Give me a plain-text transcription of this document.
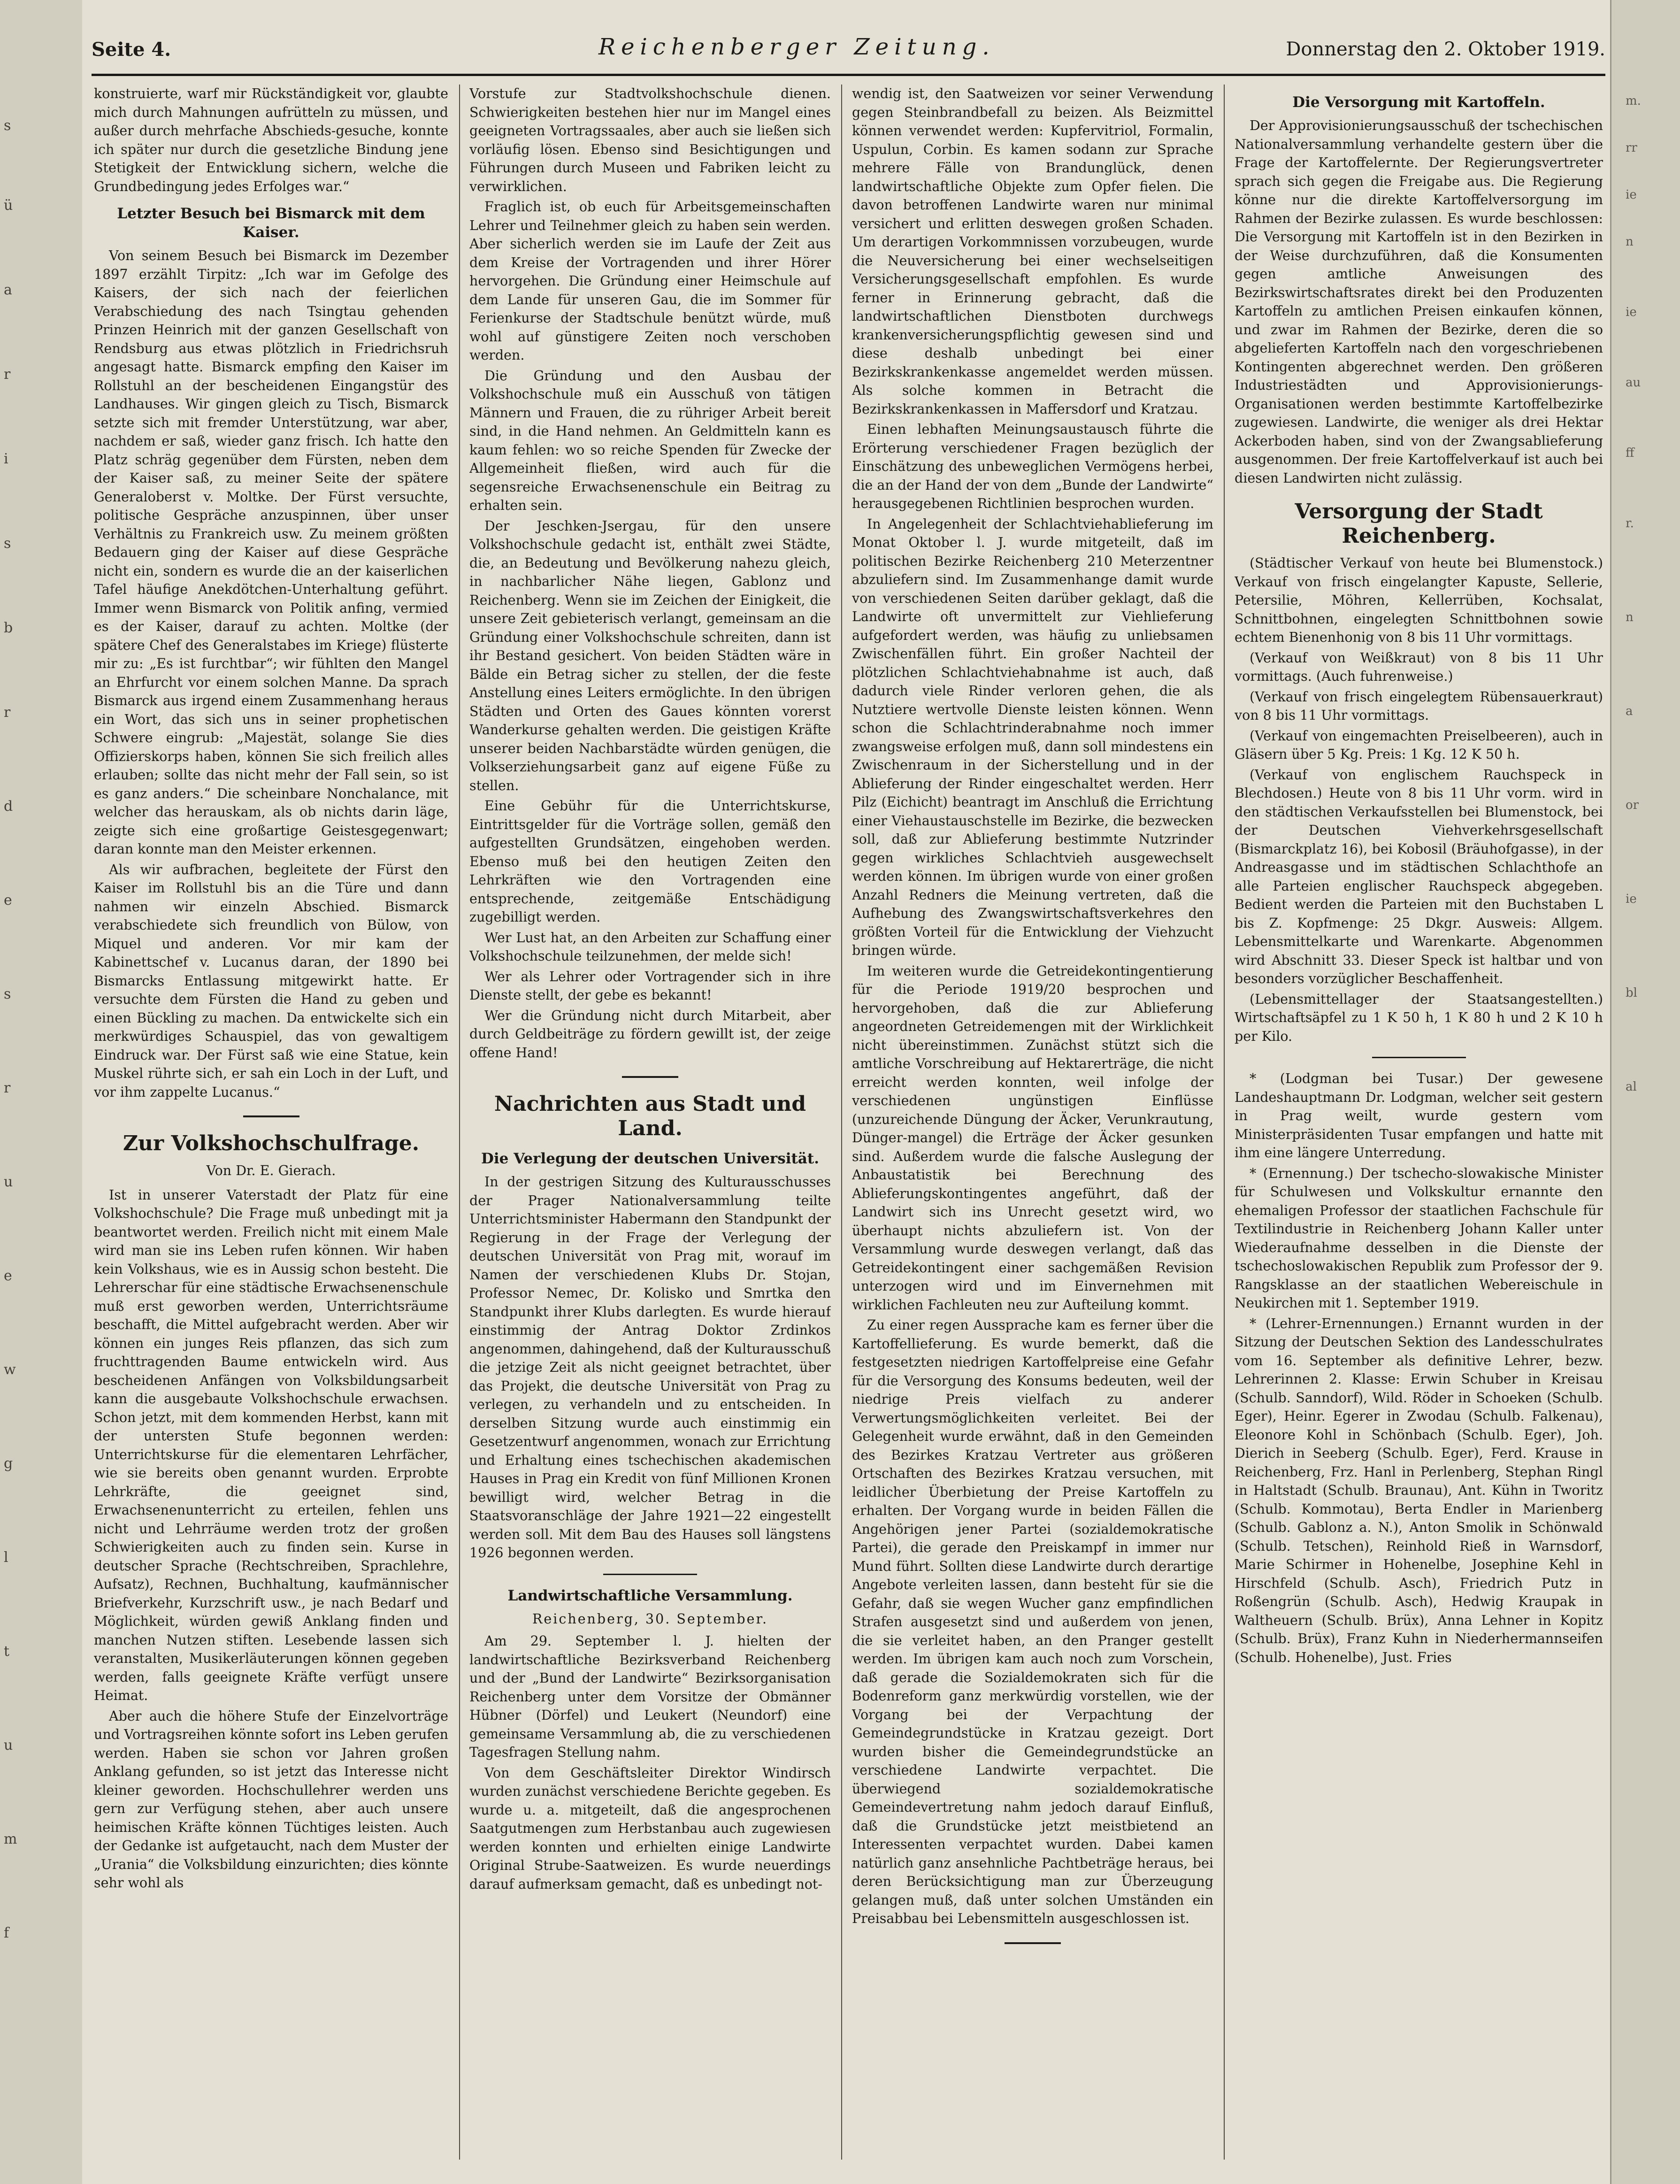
s
ü
a
r
i
s
b
r
d
e
s
r
u
e
w
g
l
t
u
m
f
m.
rr
ie
n
ie
au
ff
r.
n
a
or
ie
bl
al
Seite 4.	Reichenberger Zeitung.	Donnerstag den 2. Oktober 1919.

konstruierte, warf mir Rückständigkeit vor, glaubte mich durch Mahnungen aufrütteln zu müssen, und außer durch mehrfache Abschieds-gesuche, konnte ich später nur durch die gesetzliche Bindung jene Stetigkeit der Entwicklung sichern, welche die Grundbedingung jedes Erfolges war.“

Letzter Besuch bei Bismarck mit dem Kaiser.

Von seinem Besuch bei Bismarck im Dezember 1897 erzählt Tirpitz: „Ich war im Gefolge des Kaisers, der sich nach der feierlichen Verabschiedung des nach Tsingtau gehenden Prinzen Heinrich mit der ganzen Gesellschaft von Rendsburg aus etwas plötzlich in Friedrichsruh angesagt hatte. Bismarck empfing den Kaiser im Rollstuhl an der bescheidenen Eingangstür des Landhauses. Wir gingen gleich zu Tisch, Bismarck setzte sich mit fremder Unterstützung, war aber, nachdem er saß, wieder ganz frisch. Ich hatte den Platz schräg gegenüber dem Fürsten, neben dem der Kaiser saß, zu meiner Seite der spätere Generaloberst v. Moltke. Der Fürst versuchte, politische Gespräche anzuspinnen, über unser Verhältnis zu Frankreich usw. Zu meinem größten Bedauern ging der Kaiser auf diese Gespräche nicht ein, sondern es wurde die an der kaiserlichen Tafel häufige Anekdötchen-Unterhaltung geführt. Immer wenn Bismarck von Politik anfing, vermied es der Kaiser, darauf zu achten. Moltke (der spätere Chef des Generalstabes im Kriege) flüsterte mir zu: „Es ist furchtbar“; wir fühlten den Mangel an Ehrfurcht vor einem solchen Manne. Da sprach Bismarck aus irgend einem Zusammenhang heraus ein Wort, das sich uns in seiner prophetischen Schwere eingrub: „Majestät, solange Sie dies Offizierskorps haben, können Sie sich freilich alles erlauben; sollte das nicht mehr der Fall sein, so ist es ganz anders.“ Die scheinbare Nonchalance, mit welcher das herauskam, als ob nichts darin läge, zeigte sich eine großartige Geistesgegenwart; daran konnte man den Meister erkennen.

Als wir aufbrachen, begleitete der Fürst den Kaiser im Rollstuhl bis an die Türe und dann nahmen wir einzeln Abschied. Bismarck verabschiedete sich freundlich von Bülow, von Miquel und anderen. Vor mir kam der Kabinettschef v. Lucanus daran, der 1890 bei Bismarcks Entlassung mitgewirkt hatte. Er versuchte dem Fürsten die Hand zu geben und einen Bückling zu machen. Da entwickelte sich ein merkwürdiges Schauspiel, das von gewaltigem Eindruck war. Der Fürst saß wie eine Statue, kein Muskel rührte sich, er sah ein Loch in der Luft, und vor ihm zappelte Lucanus.“

Zur Volkshochschulfrage.
Von Dr. E. Gierach.

Ist in unserer Vaterstadt der Platz für eine Volkshochschule? Die Frage muß unbedingt mit ja beantwortet werden. Freilich nicht mit einem Male wird man sie ins Leben rufen können. Wir haben kein Volkshaus, wie es in Aussig schon besteht. Die Lehrerschar für eine städtische Erwachsenenschule muß erst geworben werden, Unterrichtsräume beschafft, die Mittel aufgebracht werden. Aber wir können ein junges Reis pflanzen, das sich zum fruchttragenden Baume entwickeln wird. Aus bescheidenen Anfängen von Volksbildungsarbeit kann die ausgebaute Volkshochschule erwachsen. Schon jetzt, mit dem kommenden Herbst, kann mit der untersten Stufe begonnen werden: Unterrichtskurse für die elementaren Lehrfächer, wie sie bereits oben genannt wurden. Erprobte Lehrkräfte, die geeignet sind, Erwachsenenunterricht zu erteilen, fehlen uns nicht und Lehrräume werden trotz der großen Schwierigkeiten auch zu finden sein. Kurse in deutscher Sprache (Rechtschreiben, Sprachlehre, Aufsatz), Rechnen, Buchhaltung, kaufmännischer Briefverkehr, Kurzschrift usw., je nach Bedarf und Möglichkeit, würden gewiß Anklang finden und manchen Nutzen stiften. Lesebende lassen sich veranstalten, Musikerläuterungen können gegeben werden, falls geeignete Kräfte verfügt unsere Heimat.

Aber auch die höhere Stufe der Einzelvorträge und Vortragsreihen könnte sofort ins Leben gerufen werden. Haben sie schon vor Jahren großen Anklang gefunden, so ist jetzt das Interesse nicht kleiner geworden. Hochschullehrer werden uns gern zur Verfügung stehen, aber auch unsere heimischen Kräfte können Tüchtiges leisten. Auch der Gedanke ist aufgetaucht, nach dem Muster der „Urania“ die Volksbildung einzurichten; dies könnte sehr wohl als

Vorstufe zur Stadtvolkshochschule dienen. Schwierigkeiten bestehen hier nur im Mangel eines geeigneten Vortragssaales, aber auch sie ließen sich vorläufig lösen. Ebenso sind Besichtigungen und Führungen durch Museen und Fabriken leicht zu verwirklichen.

Fraglich ist, ob euch für Arbeitsgemeinschaften Lehrer und Teilnehmer gleich zu haben sein werden. Aber sicherlich werden sie im Laufe der Zeit aus dem Kreise der Vortragenden und ihrer Hörer hervorgehen. Die Gründung einer Heimschule auf dem Lande für unseren Gau, die im Sommer für Ferienkurse der Stadtschule benützt würde, muß wohl auf günstigere Zeiten noch verschoben werden.

Die Gründung und den Ausbau der Volkshochschule muß ein Ausschuß von tätigen Männern und Frauen, die zu rühriger Arbeit bereit sind, in die Hand nehmen. An Geldmitteln kann es kaum fehlen: wo so reiche Spenden für Zwecke der Allgemeinheit fließen, wird auch für die segensreiche Erwachsenenschule ein Beitrag zu erhalten sein.

Der Jeschken-Jsergau, für den unsere Volkshochschule gedacht ist, enthält zwei Städte, die, an Bedeutung und Bevölkerung nahezu gleich, in nachbarlicher Nähe liegen, Gablonz und Reichenberg. Wenn sie im Zeichen der Einigkeit, die unsere Zeit gebieterisch verlangt, gemeinsam an die Gründung einer Volkshochschule schreiten, dann ist ihr Bestand gesichert. Von beiden Städten wäre in Bälde ein Betrag sicher zu stellen, der die feste Anstellung eines Leiters ermöglichte. In den übrigen Städten und Orten des Gaues könnten vorerst Wanderkurse gehalten werden. Die geistigen Kräfte unserer beiden Nachbarstädte würden genügen, die Volkserziehungsarbeit ganz auf eigene Füße zu stellen.

Eine Gebühr für die Unterrichtskurse, Eintrittsgelder für die Vorträge sollen, gemäß den aufgestellten Grundsätzen, eingehoben werden. Ebenso muß bei den heutigen Zeiten den Lehrkräften wie den Vortragenden eine entsprechende, zeitgemäße Entschädigung zugebilligt werden.

Wer Lust hat, an den Arbeiten zur Schaffung einer Volkshochschule teilzunehmen, der melde sich!

Wer als Lehrer oder Vortragender sich in ihre Dienste stellt, der gebe es bekannt!

Wer die Gründung nicht durch Mitarbeit, aber durch Geldbeiträge zu fördern gewillt ist, der zeige offene Hand!

Nachrichten aus Stadt und Land.
Die Verlegung der deutschen Universität.

In der gestrigen Sitzung des Kulturausschusses der Prager Nationalversammlung teilte Unterrichtsminister Habermann den Standpunkt der Regierung in der Frage der Verlegung der deutschen Universität von Prag mit, worauf im Namen der verschiedenen Klubs Dr. Stojan, Professor Nemec, Dr. Kolisko und Smrtka den Standpunkt ihrer Klubs darlegten. Es wurde hierauf einstimmig der Antrag Doktor Zrdinkos angenommen, dahingehend, daß der Kulturausschuß die jetzige Zeit als nicht geeignet betrachtet, über das Projekt, die deutsche Universität von Prag zu verlegen, zu verhandeln und zu entscheiden. In derselben Sitzung wurde auch einstimmig ein Gesetzentwurf angenommen, wonach zur Errichtung und Erhaltung eines tschechischen akademischen Hauses in Prag ein Kredit von fünf Millionen Kronen bewilligt wird, welcher Betrag in die Staatsvoranschläge der Jahre 1921—22 eingestellt werden soll. Mit dem Bau des Hauses soll längstens 1926 begonnen werden.

Landwirtschaftliche Versammlung.
Reichenberg, 30. September.

Am 29. September l. J. hielten der landwirtschaftliche Bezirksverband Reichenberg und der „Bund der Landwirte“ Bezirksorganisation Reichenberg unter dem Vorsitze der Obmänner Hübner (Dörfel) und Leukert (Neundorf) eine gemeinsame Versammlung ab, die zu verschiedenen Tagesfragen Stellung nahm.

Von dem Geschäftsleiter Direktor Windirsch wurden zunächst verschiedene Berichte gegeben. Es wurde u. a. mitgeteilt, daß die angesprochenen Saatgutmengen zum Herbstanbau auch zugewiesen werden konnten und erhielten einige Landwirte Original Strube-Saatweizen. Es wurde neuerdings darauf aufmerksam gemacht, daß es unbedingt not-

wendig ist, den Saatweizen vor seiner Verwendung gegen Steinbrandbefall zu beizen. Als Beizmittel können verwendet werden: Kupfervitriol, Formalin, Uspulun, Corbin. Es kamen sodann zur Sprache mehrere Fälle von Brandunglück, denen landwirtschaftliche Objekte zum Opfer fielen. Die davon betroffenen Landwirte waren nur minimal versichert und erlitten deswegen großen Schaden. Um derartigen Vorkommnissen vorzubeugen, wurde die Neuversicherung bei einer wechselseitigen Versicherungsgesellschaft empfohlen. Es wurde ferner in Erinnerung gebracht, daß die landwirtschaftlichen Dienstboten durchwegs krankenversicherungspflichtig gewesen sind und diese deshalb unbedingt bei einer Bezirkskrankenkasse angemeldet werden müssen. Als solche kommen in Betracht die Bezirkskrankenkassen in Maffersdorf und Kratzau.

Einen lebhaften Meinungsaustausch führte die Erörterung verschiedener Fragen bezüglich der Einschätzung des unbeweglichen Vermögens herbei, die an der Hand der von dem „Bunde der Landwirte“ herausgegebenen Richtlinien besprochen wurden.

In Angelegenheit der Schlachtviehablieferung im Monat Oktober l. J. wurde mitgeteilt, daß im politischen Bezirke Reichenberg 210 Meterzentner abzuliefern sind. Im Zusammenhange damit wurde von verschiedenen Seiten darüber geklagt, daß die Landwirte oft unvermittelt zur Viehlieferung aufgefordert werden, was häufig zu unliebsamen Zwischenfällen führt. Ein großer Nachteil der plötzlichen Schlachtviehabnahme ist auch, daß dadurch viele Rinder verloren gehen, die als Nutztiere wertvolle Dienste leisten können. Wenn schon die Schlachtrinderabnahme noch immer zwangsweise erfolgen muß, dann soll mindestens ein Zwischenraum in der Sicherstellung und in der Ablieferung der Rinder eingeschaltet werden. Herr Pilz (Eichicht) beantragt im Anschluß die Errichtung einer Viehaustauschstelle im Bezirke, die bezwecken soll, daß zur Ablieferung bestimmte Nutzrinder gegen wirkliches Schlachtvieh ausgewechselt werden können. Im übrigen wurde von einer großen Anzahl Redners die Meinung vertreten, daß die Aufhebung des Zwangswirtschaftsverkehres den größten Vorteil für die Entwicklung der Viehzucht bringen würde.

Im weiteren wurde die Getreidekontingentierung für die Periode 1919/20 besprochen und hervorgehoben, daß die zur Ablieferung angeordneten Getreidemengen mit der Wirklichkeit nicht übereinstimmen. Zunächst stützt sich die amtliche Vorschreibung auf Hektarerträge, die nicht erreicht werden konnten, weil infolge der verschiedenen ungünstigen Einflüsse (unzureichende Düngung der Äcker, Verunkrautung, Dünger-mangel) die Erträge der Äcker gesunken sind. Außerdem wurde die falsche Auslegung der Anbaustatistik bei Berechnung des Ablieferungskontingentes angeführt, daß der Landwirt sich ins Unrecht gesetzt wird, wo überhaupt nichts abzuliefern ist. Von der Versammlung wurde deswegen verlangt, daß das Getreidekontingent einer sachgemäßen Revision unterzogen wird und im Einvernehmen mit wirklichen Fachleuten neu zur Aufteilung kommt.

Zu einer regen Aussprache kam es ferner über die Kartoffellieferung. Es wurde bemerkt, daß die festgesetzten niedrigen Kartoffelpreise eine Gefahr für die Versorgung des Konsums bedeuten, weil der niedrige Preis vielfach zu anderer Verwertungsmöglichkeiten verleitet. Bei der Gelegenheit wurde erwähnt, daß in den Gemeinden des Bezirkes Kratzau Vertreter aus größeren Ortschaften des Bezirkes Kratzau versuchen, mit leidlicher Überbietung der Preise Kartoffeln zu erhalten. Der Vorgang wurde in beiden Fällen die Angehörigen jener Partei (sozialdemokratische Partei), die gerade den Preiskampf in immer nur Mund führt. Sollten diese Landwirte durch derartige Angebote verleiten lassen, dann besteht für sie die Gefahr, daß sie wegen Wucher ganz empfindlichen Strafen ausgesetzt sind und außerdem von jenen, die sie verleitet haben, an den Pranger gestellt werden. Im übrigen kam auch noch zum Vorschein, daß gerade die Sozialdemokraten sich für die Bodenreform ganz merkwürdig vorstellen, wie der Vorgang bei der Verpachtung der Gemeindegrundstücke in Kratzau gezeigt. Dort wurden bisher die Gemeindegrundstücke an verschiedene Landwirte verpachtet. Die überwiegend sozialdemokratische Gemeindevertretung nahm jedoch darauf Einfluß, daß die Grundstücke jetzt meistbietend an Interessenten verpachtet wurden. Dabei kamen natürlich ganz ansehnliche Pachtbeträge heraus, bei deren Berücksichtigung man zur Überzeugung gelangen muß, daß unter solchen Umständen ein Preisabbau bei Lebensmitteln ausgeschlossen ist.

Die Versorgung mit Kartoffeln.

Der Approvisionierungsausschuß der tschechischen Nationalversammlung verhandelte gestern über die Frage der Kartoffelernte. Der Regierungsvertreter sprach sich gegen die Freigabe aus. Die Regierung könne nur die direkte Kartoffelversorgung im Rahmen der Bezirke zulassen. Es wurde beschlossen: Die Versorgung mit Kartoffeln ist in den Bezirken in der Weise durchzuführen, daß die Konsumenten gegen amtliche Anweisungen des Bezirkswirtschaftsrates direkt bei den Produzenten Kartoffeln zu amtlichen Preisen einkaufen können, und zwar im Rahmen der Bezirke, deren die so abgelieferten Kartoffeln nach den vorgeschriebenen Kontingenten abgerechnet werden. Den größeren Industriestädten und Approvisionierungs-Organisationen werden bestimmte Kartoffelbezirke zugewiesen. Landwirte, die weniger als drei Hektar Ackerboden haben, sind von der Zwangsablieferung ausgenommen. Der freie Kartoffelverkauf ist auch bei diesen Landwirten nicht zulässig.

Versorgung der Stadt Reichenberg.

(Städtischer Verkauf von heute bei Blumenstock.) Verkauf von frisch eingelangter Kapuste, Sellerie, Petersilie, Möhren, Kellerrüben, Kochsalat, Schnittbohnen, eingelegten Schnittbohnen sowie echtem Bienenhonig von 8 bis 11 Uhr vormittags.

(Verkauf von Weißkraut) von 8 bis 11 Uhr vormittags. (Auch fuhrenweise.)

(Verkauf von frisch eingelegtem Rübensauerkraut) von 8 bis 11 Uhr vormittags.

(Verkauf von eingemachten Preiselbeeren), auch in Gläsern über 5 Kg. Preis: 1 Kg. 12 K 50 h.

(Verkauf von englischem Rauchspeck in Blechdosen.) Heute von 8 bis 11 Uhr vorm. wird in den städtischen Verkaufsstellen bei Blumenstock, bei der Deutschen Viehverkehrsgesellschaft (Bismarckplatz 16), bei Kobosil (Bräuhofgasse), in der Andreasgasse und im städtischen Schlachthofe an alle Parteien englischer Rauchspeck abgegeben. Bedient werden die Parteien mit den Buchstaben L bis Z. Kopfmenge: 25 Dkgr. Ausweis: Allgem. Lebensmittelkarte und Warenkarte. Abgenommen wird Abschnitt 33. Dieser Speck ist haltbar und von besonders vorzüglicher Beschaffenheit.

(Lebensmittellager der Staatsangestellten.) Wirtschaftsäpfel zu 1 K 50 h, 1 K 80 h und 2 K 10 h per Kilo.

* (Lodgman bei Tusar.) Der gewesene Landeshauptmann Dr. Lodgman, welcher seit gestern in Prag weilt, wurde gestern vom Ministerpräsidenten Tusar empfangen und hatte mit ihm eine längere Unterredung.

* (Ernennung.) Der tschecho-slowakische Minister für Schulwesen und Volkskultur ernannte den ehemaligen Professor der staatlichen Fachschule für Textilindustrie in Reichenberg Johann Kaller unter Wiederaufnahme desselben in die Dienste der tschechoslowakischen Republik zum Professor der 9. Rangsklasse an der staatlichen Webereischule in Neukirchen mit 1. September 1919.

* (Lehrer-Ernennungen.) Ernannt wurden in der Sitzung der Deutschen Sektion des Landesschulrates vom 16. September als definitive Lehrer, bezw. Lehrerinnen 2. Klasse: Erwin Schuber in Kreisau (Schulb. Sanndorf), Wild. Röder in Schoeken (Schulb. Eger), Heinr. Egerer in Zwodau (Schulb. Falkenau), Eleonore Kohl in Schönbach (Schulb. Eger), Joh. Dierich in Seeberg (Schulb. Eger), Ferd. Krause in Reichenberg, Frz. Hanl in Perlenberg, Stephan Ringl in Haltstadt (Schulb. Braunau), Ant. Kühn in Tworitz (Schulb. Kommotau), Berta Endler in Marienberg (Schulb. Gablonz a. N.), Anton Smolik in Schönwald (Schulb. Tetschen), Reinhold Rieß in Warnsdorf, Marie Schirmer in Hohenelbe, Josephine Kehl in Hirschfeld (Schulb. Asch), Friedrich Putz in Roßengrün (Schulb. Asch), Hedwig Kraupak in Waltheuern (Schulb. Brüx), Anna Lehner in Kopitz (Schulb. Brüx), Franz Kuhn in Niederhermannseifen (Schulb. Hohenelbe), Just. Fries
